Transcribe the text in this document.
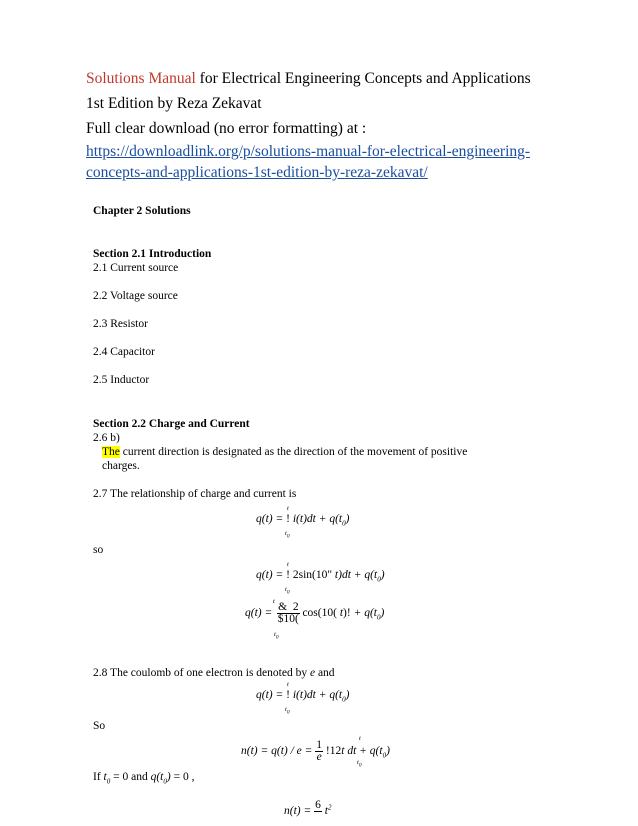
Solutions Manual for Electrical Engineering Concepts and Applications
1st Edition by Reza Zekavat
Full clear download (no error formatting) at :
https://downloadlink.org/p/solutions-manual-for-electrical-engineering-
concepts-and-applications-1st-edition-by-reza-zekavat/
Chapter 2 Solutions
Section 2.1 Introduction
2.1 Current source
2.2 Voltage source
2.3 Resistor
2.4 Capacitor
2.5 Inductor
Section 2.2 Charge and Current
2.6 b)
The current direction is designated as the direction of the movement of positive
charges.
2.7 The relationship of charge and current is
q(t) = ! $i(t)dt + q(t_0)$
t
$t_0$
so
q(t) = ! 2sin(10" $t)dt + q(t_0)$
t
$t_0$
$q(t) = \frac{\& 2}{\$10(} \cos(10$( t)! + $q(t_0)$
t
$t_0$
2.8 The coulomb of one electron is denoted by e and
q(t) = ! $i(t)dt + q(t_0)$
t
$t_0$
So
$n(t) = q(t) / e = \frac{1}{e} !12t$ dt + $q(t_0)$
t
$t_0$
If $t_0 = 0$ and $q(t_0) = 0$ ,
n(t) =
6

$t^2$
